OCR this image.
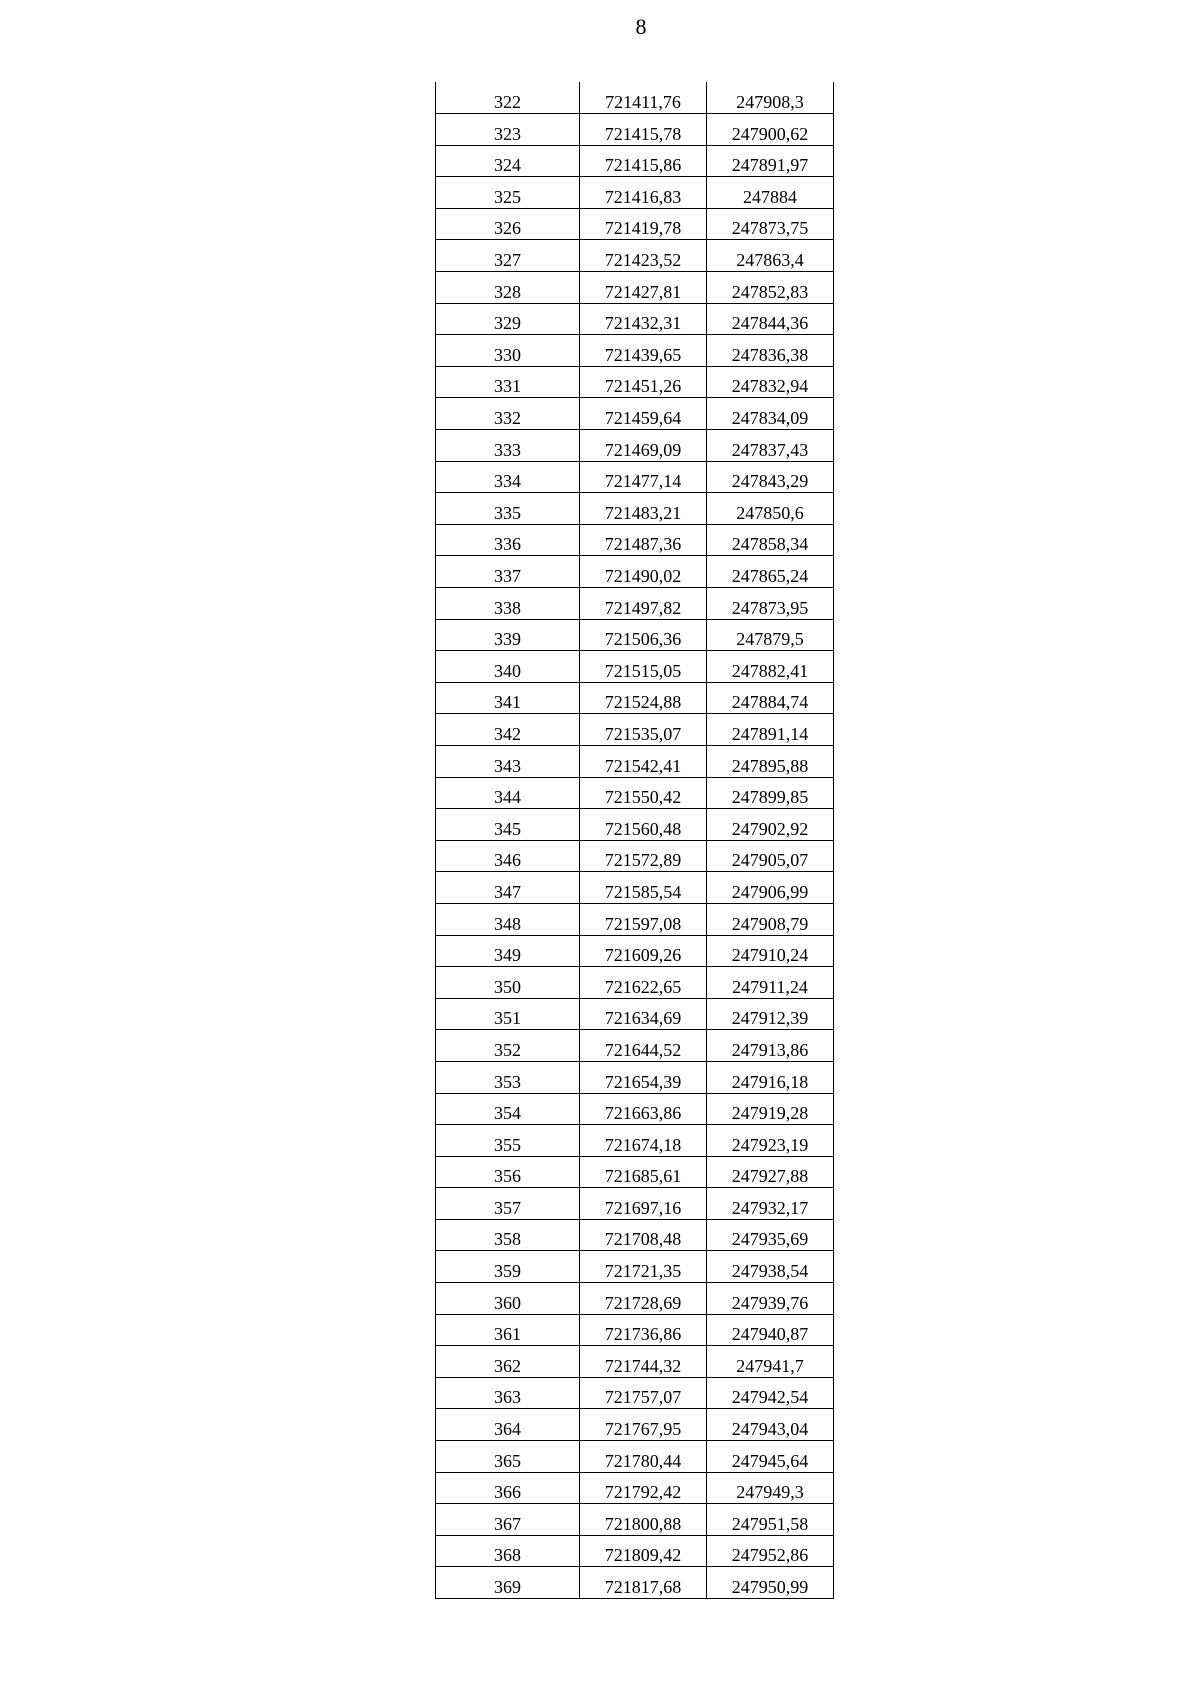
8
322	721411,76	247908,3
323	721415,78	247900,62
324	721415,86	247891,97
325	721416,83	247884
326	721419,78	247873,75
327	721423,52	247863,4
328	721427,81	247852,83
329	721432,31	247844,36
330	721439,65	247836,38
331	721451,26	247832,94
332	721459,64	247834,09
333	721469,09	247837,43
334	721477,14	247843,29
335	721483,21	247850,6
336	721487,36	247858,34
337	721490,02	247865,24
338	721497,82	247873,95
339	721506,36	247879,5
340	721515,05	247882,41
341	721524,88	247884,74
342	721535,07	247891,14
343	721542,41	247895,88
344	721550,42	247899,85
345	721560,48	247902,92
346	721572,89	247905,07
347	721585,54	247906,99
348	721597,08	247908,79
349	721609,26	247910,24
350	721622,65	247911,24
351	721634,69	247912,39
352	721644,52	247913,86
353	721654,39	247916,18
354	721663,86	247919,28
355	721674,18	247923,19
356	721685,61	247927,88
357	721697,16	247932,17
358	721708,48	247935,69
359	721721,35	247938,54
360	721728,69	247939,76
361	721736,86	247940,87
362	721744,32	247941,7
363	721757,07	247942,54
364	721767,95	247943,04
365	721780,44	247945,64
366	721792,42	247949,3
367	721800,88	247951,58
368	721809,42	247952,86
369	721817,68	247950,99
